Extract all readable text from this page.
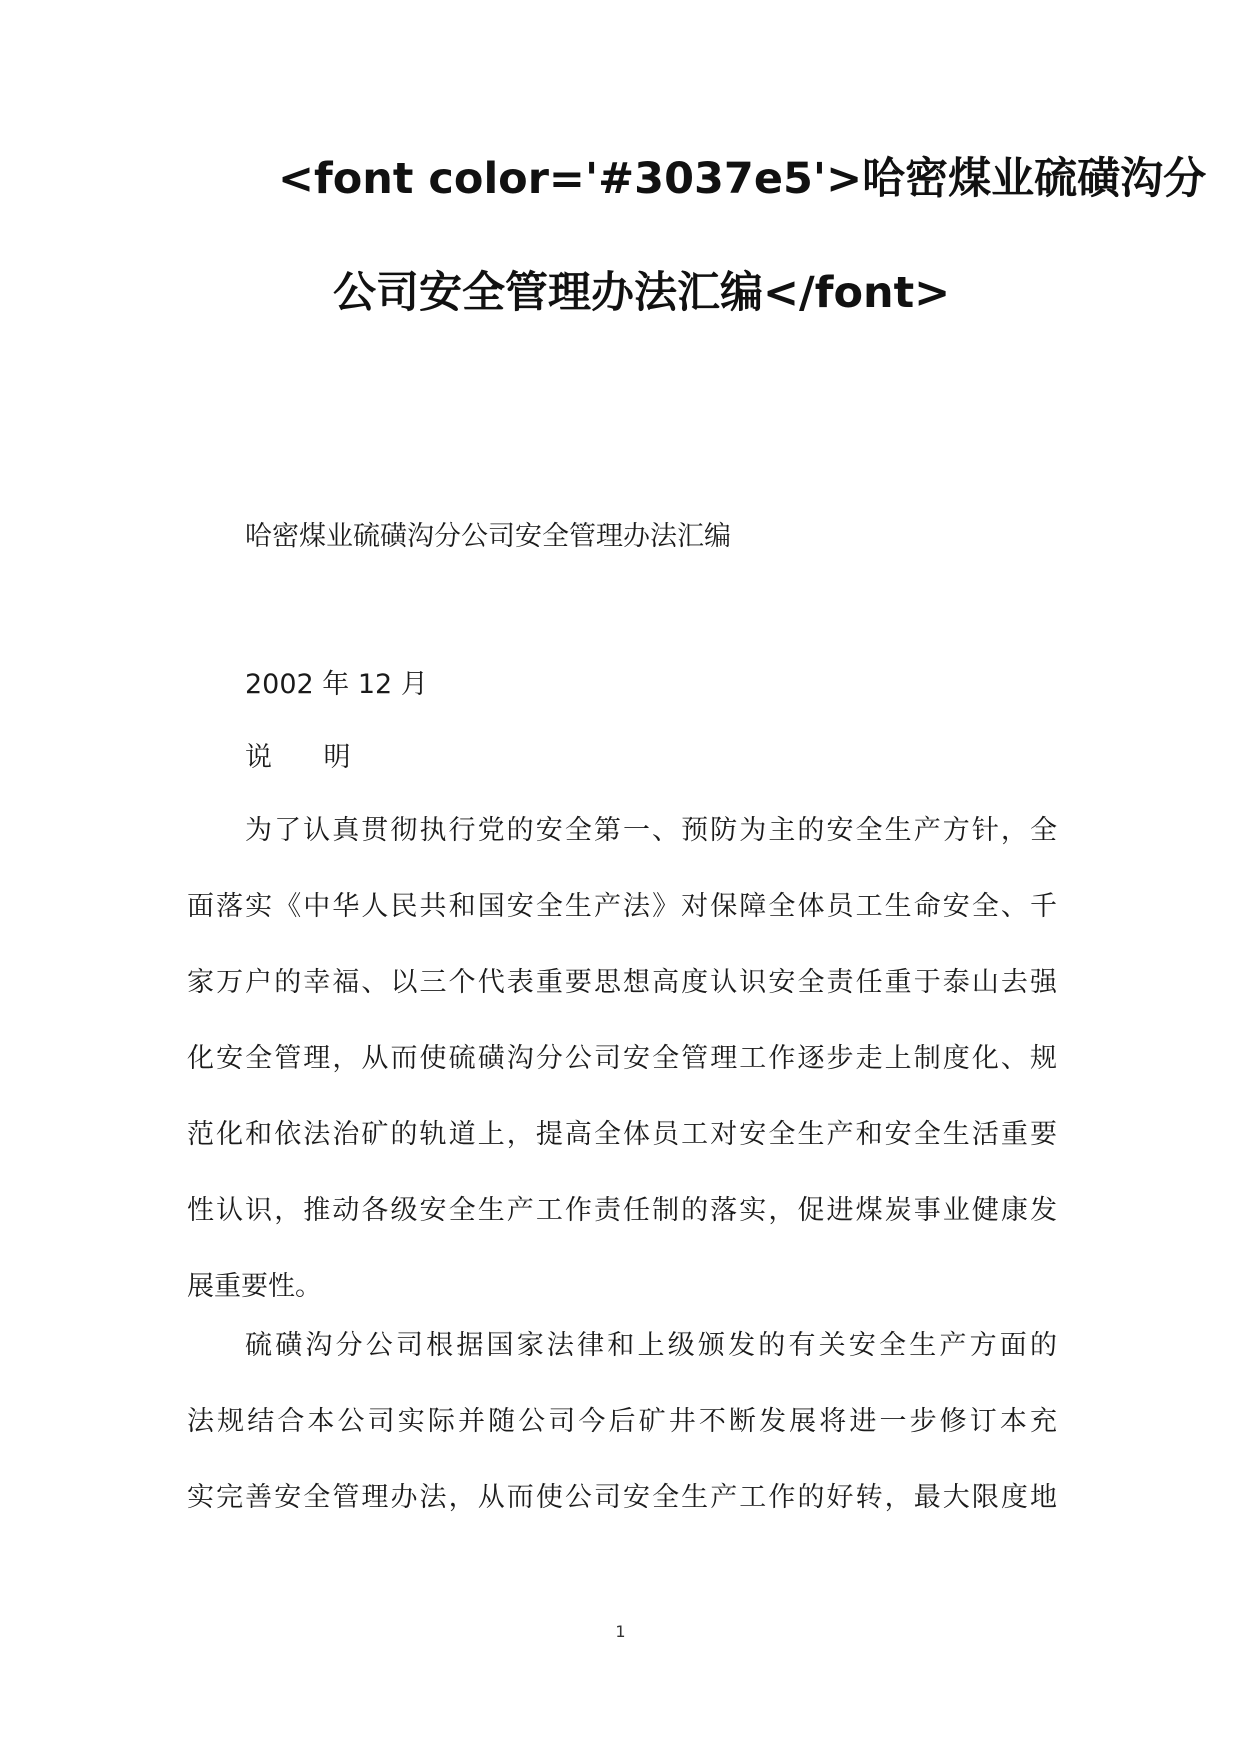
<font color='#3037e5'>哈密煤业硫磺沟分
公司安全管理办法汇编</font>
哈密煤业硫磺沟分公司安全管理办法汇编
2002 年 12 月
说      明
为了认真贯彻执行党的安全第一、预防为主的安全生产方针，全
面落实《中华人民共和国安全生产法》对保障全体员工生命安全、千
家万户的幸福、以三个代表重要思想高度认识安全责任重于泰山去强
化安全管理，从而使硫磺沟分公司安全管理工作逐步走上制度化、规
范化和依法治矿的轨道上，提高全体员工对安全生产和安全生活重要
性认识，推动各级安全生产工作责任制的落实，促进煤炭事业健康发
展重要性。
硫磺沟分公司根据国家法律和上级颁发的有关安全生产方面的
法规结合本公司实际并随公司今后矿井不断发展将进一步修订本充
实完善安全管理办法，从而使公司安全生产工作的好转，最大限度地
1
